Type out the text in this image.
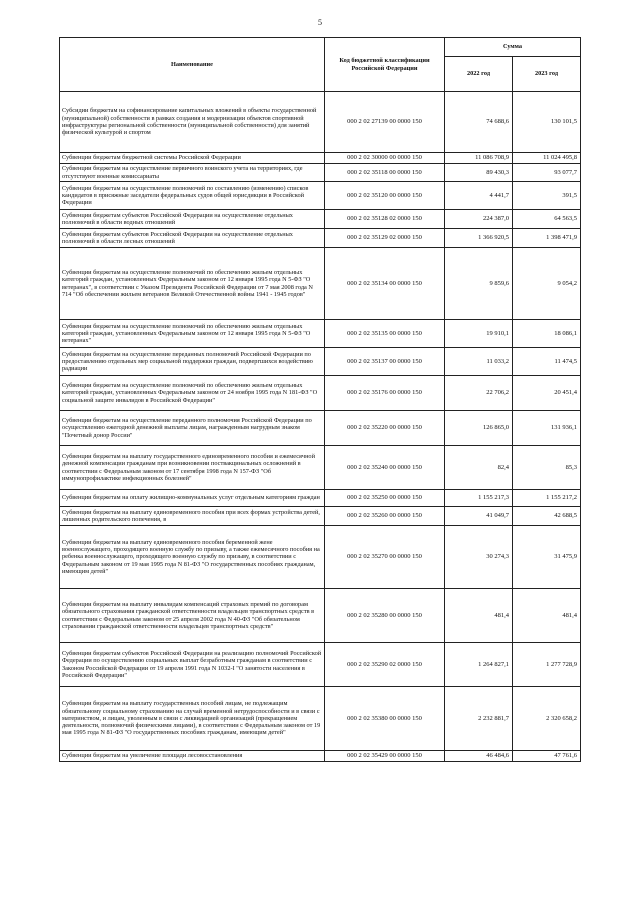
5
Наименование	Код бюджетной классификации Российской Федерации	Сумма	
		2022 год	2023 год
Субсидии бюджетам на софинансирование капитальных вложений в объекты государственной (муниципальной) собственности в рамках создания и модернизации объектов спортивной инфраструктуры региональной собственности (муниципальной собственности) для занятий физической культурой и спортом	000 2 02 27139 00 0000 150	74 688,6	130 101,5
Субвенции бюджетам бюджетной системы Российской Федерации	000 2 02 30000 00 0000 150	11 086 708,9	11 024 495,8
Субвенции бюджетам на осуществление первичного воинского учета на территориях, где отсутствуют военные комиссариаты	000 2 02 35118 00 0000 150	89 430,3	93 077,7
Субвенции бюджетам на осуществление полномочий по составлению (изменению) списков кандидатов в присяжные заседатели федеральных судов общей юрисдикции в Российской Федерации	000 2 02 35120 00 0000 150	4 441,7	391,5
Субвенции бюджетам субъектов Российской Федерации на осуществление отдельных полномочий в области водных отношений	000 2 02 35128 02 0000 150	224 387,0	64 563,5
Субвенции бюджетам субъектов Российской Федерации на осуществление отдельных полномочий в области лесных отношений	000 2 02 35129 02 0000 150	1 366 920,5	1 398 471,9
Субвенции бюджетам на осуществление полномочий по обеспечению жильем отдельных категорий граждан, установленных Федеральным законом от 12 января 1995 года N 5-ФЗ "О ветеранах", в соответствии с Указом Президента Российской Федерации от 7 мая 2008 года N 714 "Об обеспечении жильем ветеранов Великой Отечественной войны 1941 - 1945 годов"	000 2 02 35134 00 0000 150	9 859,6	9 054,2
Субвенции бюджетам на осуществление полномочий по обеспечению жильем отдельных категорий граждан, установленных Федеральным законом от 12 января 1995 года N 5-ФЗ "О ветеранах"	000 2 02 35135 00 0000 150	19 910,1	18 086,1
Субвенции бюджетам на осуществление переданных полномочий Российской Федерации по предоставлению отдельных мер социальной поддержки граждан, подвергшихся воздействию радиации	000 2 02 35137 00 0000 150	11 033,2	11 474,5
Субвенции бюджетам на осуществление полномочий по обеспечению жильем отдельных категорий граждан, установленных Федеральным законом от 24 ноября 1995 года N 181-ФЗ "О социальной защите инвалидов в Российской Федерации"	000 2 02 35176 00 0000 150	22 706,2	20 451,4
Субвенции бюджетам на осуществление переданного полномочия Российской Федерации по осуществлению ежегодной денежной выплаты лицам, награжденным нагрудным знаком "Почетный донор России"	000 2 02 35220 00 0000 150	126 865,0	131 936,1
Субвенции бюджетам на выплату государственного единовременного пособия и ежемесячной денежной компенсации гражданам при возникновении поствакцинальных осложнений в соответствии с Федеральным законом от 17 сентября 1998 года N 157-ФЗ "Об иммунопрофилактике инфекционных болезней"	000 2 02 35240 00 0000 150	82,4	85,3
Субвенции бюджетам на оплату жилищно-коммунальных услуг отдельным категориям граждан	000 2 02 35250 00 0000 150	1 155 217,3	1 155 217,2
Субвенции бюджетам на выплату единовременного пособия при всех формах устройства детей, лишенных родительского попечения, в	000 2 02 35260 00 0000 150	41 049,7	42 688,5
Субвенции бюджетам на выплату единовременного пособия беременной жене военнослужащего, проходящего военную службу по призыву, а также ежемесячного пособия на ребенка военнослужащего, проходящего военную службу по призыву, в соответствии с Федеральным законом от 19 мая 1995 года N 81-ФЗ "О государственных пособиях гражданам, имеющим детей"	000 2 02 35270 00 0000 150	30 274,3	31 475,9
Субвенции бюджетам на выплату инвалидам компенсаций страховых премий по договорам обязательного страхования гражданской ответственности владельцев транспортных средств в соответствии с Федеральным законом от 25 апреля 2002 года N 40-ФЗ "Об обязательном страховании гражданской ответственности владельцев транспортных средств"	000 2 02 35280 00 0000 150	481,4	481,4
Субвенции бюджетам субъектов Российской Федерации на реализацию полномочий Российской Федерации по осуществлению социальных выплат безработным гражданам в соответствии с Законом Российской Федерации от 19 апреля 1991 года N 1032-I "О занятости населения в Российской Федерации"	000 2 02 35290 02 0000 150	1 264 827,1	1 277 728,9
Субвенции бюджетам на выплату государственных пособий лицам, не подлежащим обязательному социальному страхованию на случай временной нетрудоспособности и в связи с материнством, и лицам, уволенным в связи с ликвидацией организаций (прекращением деятельности, полномочий физическими лицами), в соответствии с Федеральным законом от 19 мая 1995 года N 81-ФЗ "О государственных пособиях гражданам, имеющим детей"	000 2 02 35380 00 0000 150	2 232 881,7	2 320 658,2
Субвенции бюджетам на увеличение площади лесовосстановления	000 2 02 35429 00 0000 150	46 484,6	47 761,6
